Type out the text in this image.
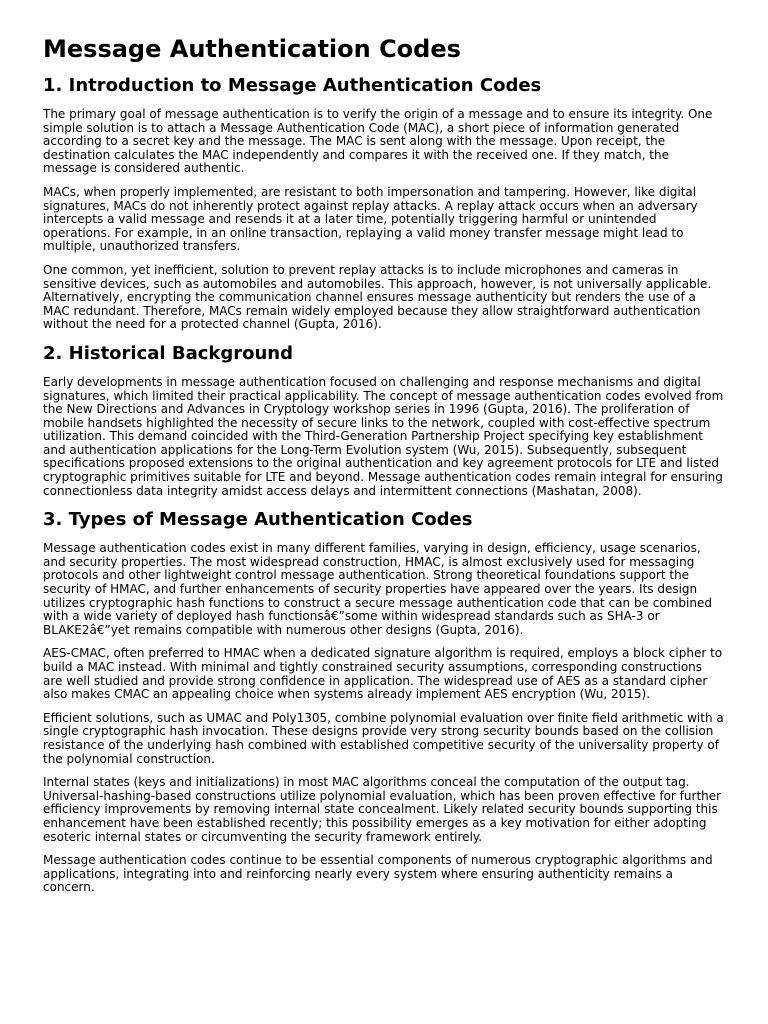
Message Authentication Codes
1. Introduction to Message Authentication Codes

The primary goal of message authentication is to verify the origin of a message and to ensure its integrity. One simple solution is to attach a Message Authentication Code (MAC), a short piece of information generated according to a secret key and the message. The MAC is sent along with the message. Upon receipt, the destination calculates the MAC independently and compares it with the received one. If they match, the message is considered authentic.

MACs, when properly implemented, are resistant to both impersonation and tampering. However, like digital signatures, MACs do not inherently protect against replay attacks. A replay attack occurs when an adversary intercepts a valid message and resends it at a later time, potentially triggering harmful or unintended operations. For example, in an online transaction, replaying a valid money transfer message might lead to multiple, unauthorized transfers.

One common, yet inefficient, solution to prevent replay attacks is to include microphones and cameras in sensitive devices, such as automobiles and automobiles. This approach, however, is not universally applicable. Alternatively, encrypting the communication channel ensures message authenticity but renders the use of a MAC redundant. Therefore, MACs remain widely employed because they allow straightforward authentication without the need for a protected channel (Gupta, 2016).

2. Historical Background

Early developments in message authentication focused on challenging and response mechanisms and digital signatures, which limited their practical applicability. The concept of message authentication codes evolved from the New Directions and Advances in Cryptology workshop series in 1996 (Gupta, 2016). The proliferation of mobile handsets highlighted the necessity of secure links to the network, coupled with cost-effective spectrum utilization. This demand coincided with the Third-Generation Partnership Project specifying key establishment and authentication applications for the Long-Term Evolution system (Wu, 2015). Subsequently, subsequent specifications proposed extensions to the original authentication and key agreement protocols for LTE and listed cryptographic primitives suitable for LTE and beyond. Message authentication codes remain integral for ensuring connectionless data integrity amidst access delays and intermittent connections (Mashatan, 2008).

3. Types of Message Authentication Codes

Message authentication codes exist in many different families, varying in design, efficiency, usage scenarios, and security properties. The most widespread construction, HMAC, is almost exclusively used for messaging protocols and other lightweight control message authentication. Strong theoretical foundations support the security of HMAC, and further enhancements of security properties have appeared over the years. Its design utilizes cryptographic hash functions to construct a secure message authentication code that can be combined with a wide variety of deployed hash functionsâ€”some within widespread standards such as SHA-3 or BLAKE2â€”yet remains compatible with numerous other designs (Gupta, 2016).

AES-CMAC, often preferred to HMAC when a dedicated signature algorithm is required, employs a block cipher to build a MAC instead. With minimal and tightly constrained security assumptions, corresponding constructions are well studied and provide strong confidence in application. The widespread use of AES as a standard cipher also makes CMAC an appealing choice when systems already implement AES encryption (Wu, 2015).

Efficient solutions, such as UMAC and Poly1305, combine polynomial evaluation over finite field arithmetic with a single cryptographic hash invocation. These designs provide very strong security bounds based on the collision resistance of the underlying hash combined with established competitive security of the universality property of the polynomial construction.

Internal states (keys and initializations) in most MAC algorithms conceal the computation of the output tag. Universal-hashing-based constructions utilize polynomial evaluation, which has been proven effective for further efficiency improvements by removing internal state concealment. Likely related security bounds supporting this enhancement have been established recently; this possibility emerges as a key motivation for either adopting esoteric internal states or circumventing the security framework entirely.

Message authentication codes continue to be essential components of numerous cryptographic algorithms and applications, integrating into and reinforcing nearly every system where ensuring authenticity remains a concern.
